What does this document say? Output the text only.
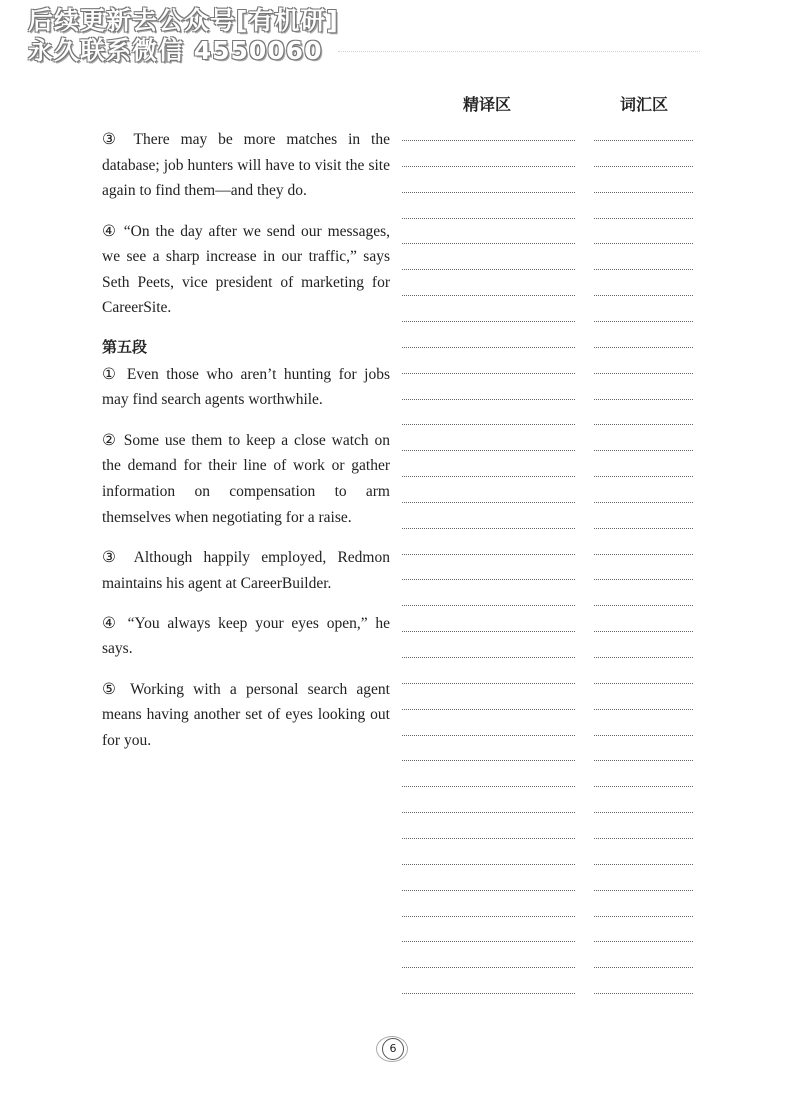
后续更新去公众号[有机研]
永久联系微信 4550060
精译区	词汇区

③ There may be more matches in the database; job hunters will have to visit the site again to find them—and they do.

④ “On the day after we send our messages, we see a sharp increase in our traffic,” says Seth Peets, vice president of marketing for CareerSite.

第五段

① Even those who aren’t hunting for jobs may find search agents worthwhile.

② Some use them to keep a close watch on the demand for their line of work or gather information on compensation to arm themselves when negotiating for a raise.

③ Although happily employed, Redmon maintains his agent at CareerBuilder.

④ “You always keep your eyes open,” he says.

⑤ Working with a personal search agent means having another set of eyes looking out for you.

6
